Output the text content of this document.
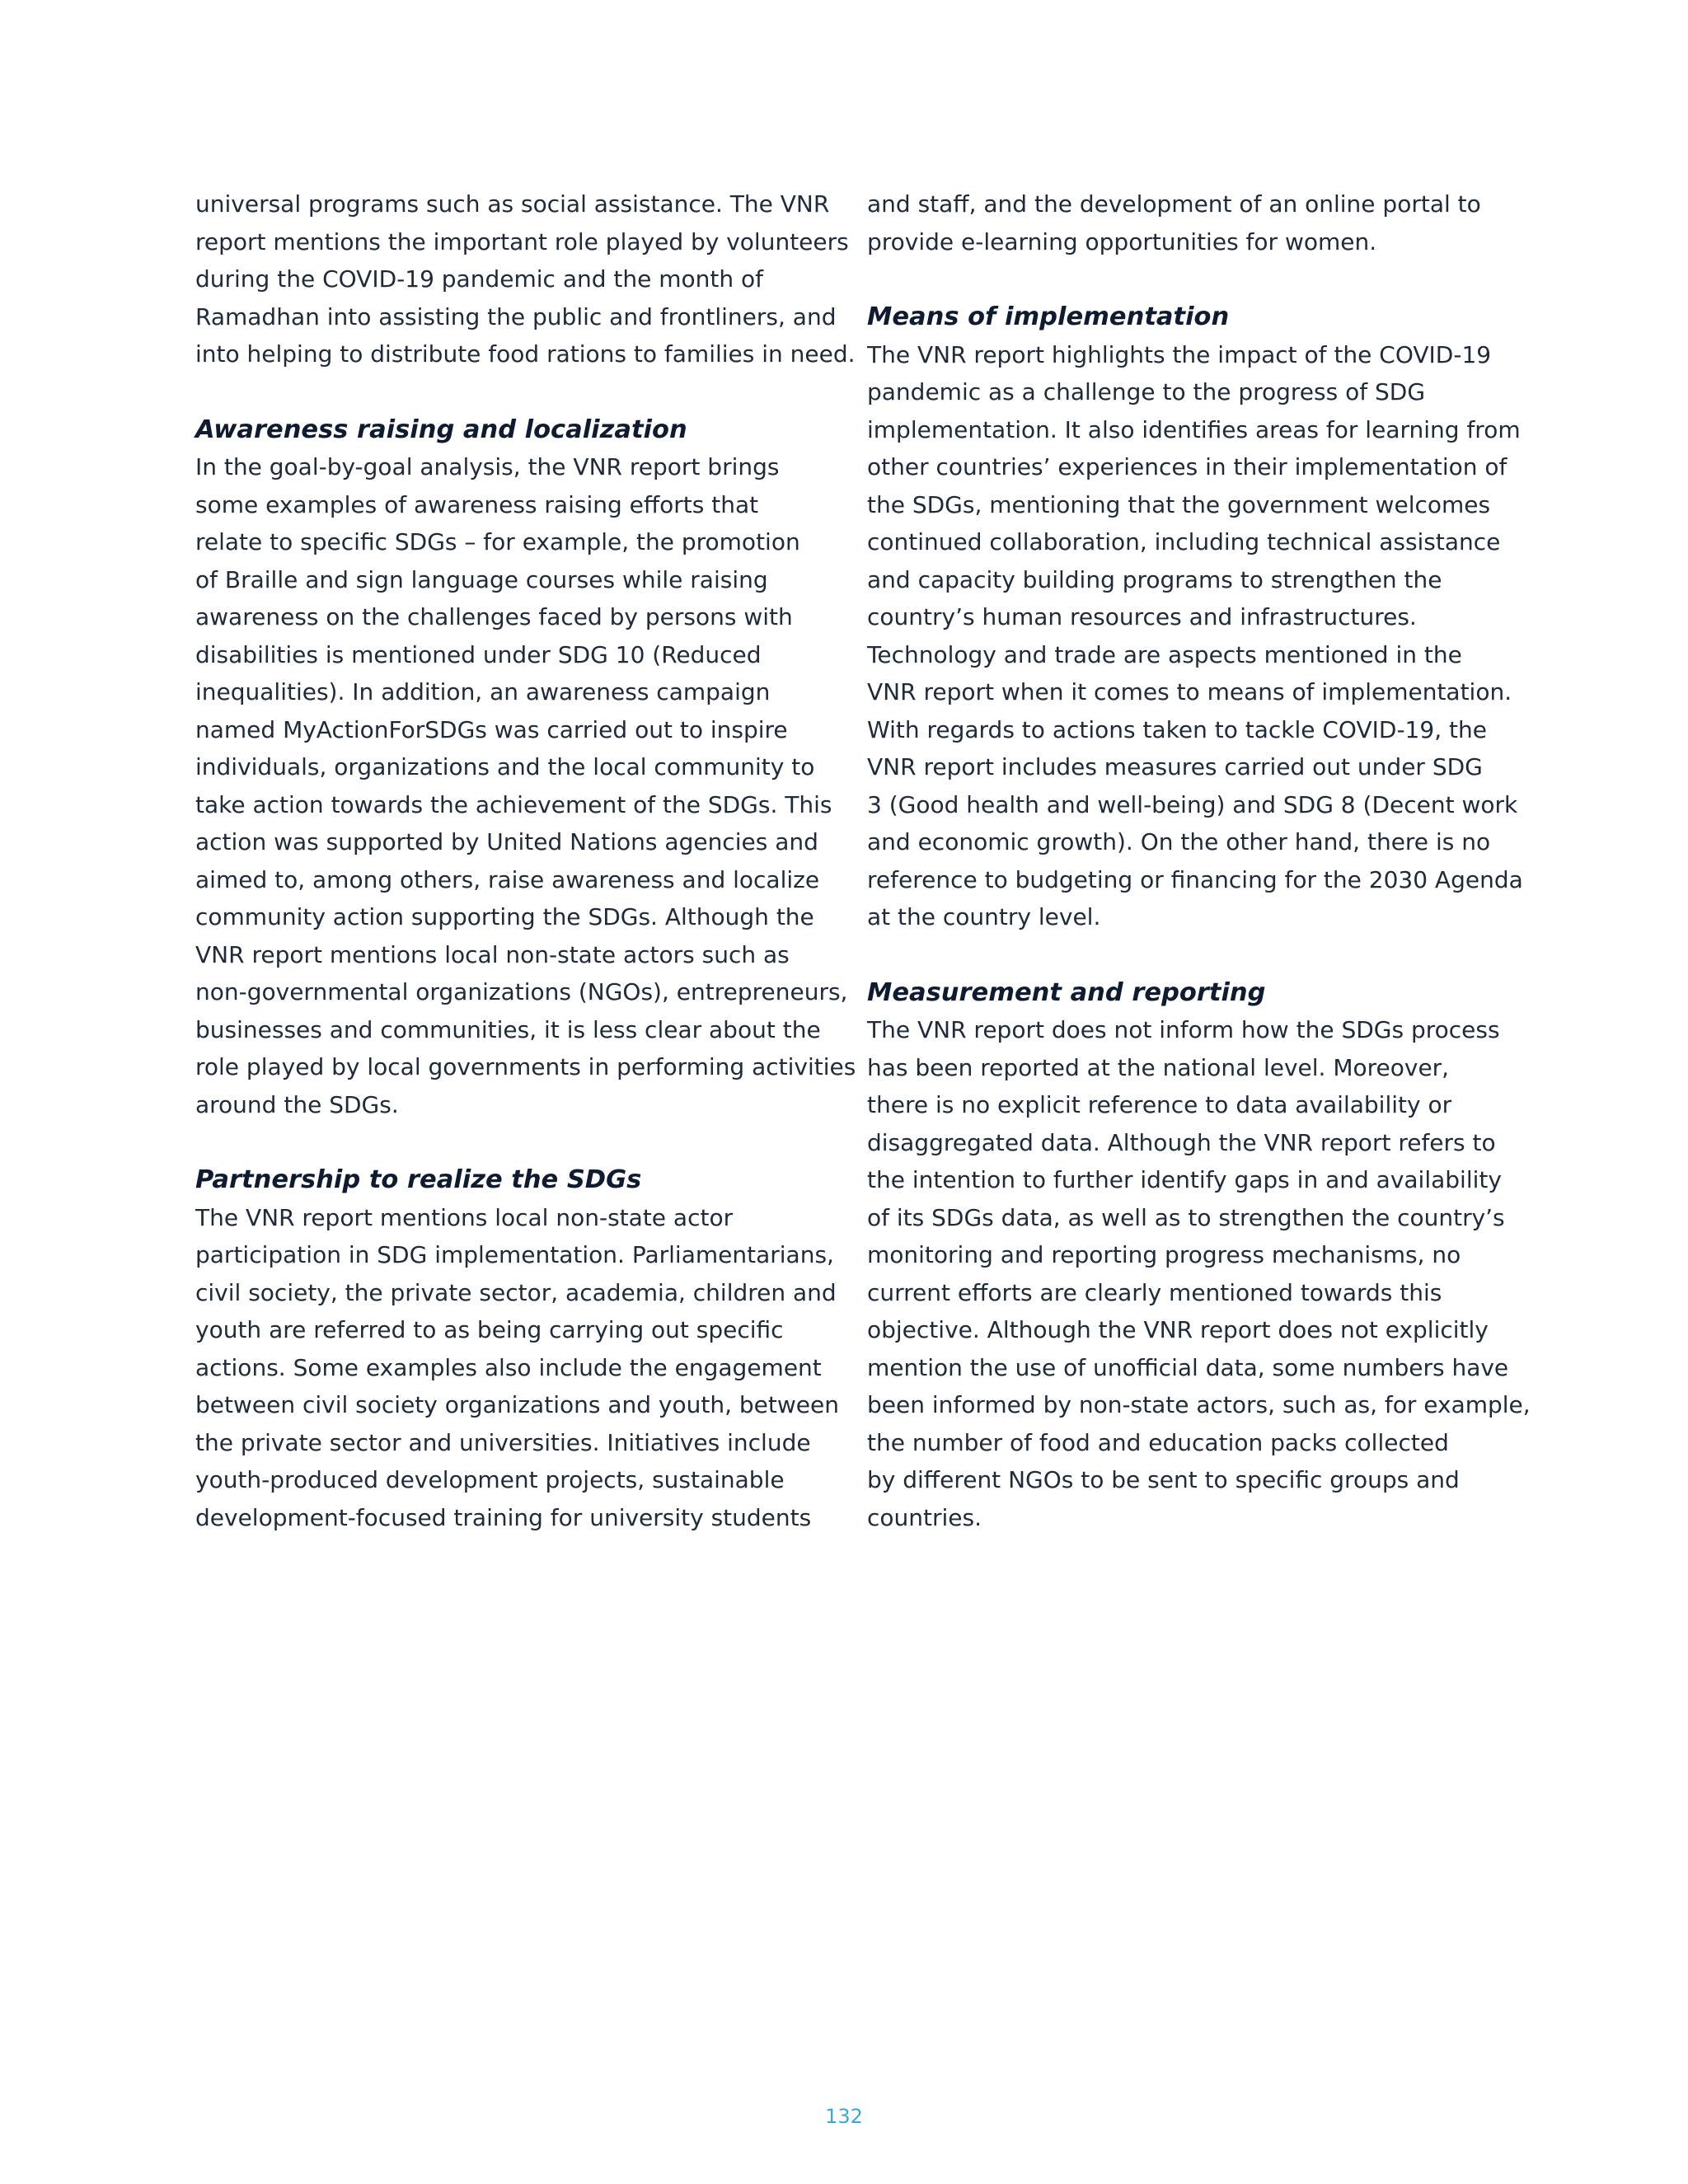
universal programs such as social assistance. The VNR
report mentions the important role played by volunteers
during the COVID-19 pandemic and the month of
Ramadhan into assisting the public and frontliners, and
into helping to distribute food rations to families in need.

Awareness raising and localization

In the goal-by-goal analysis, the VNR report brings
some examples of awareness raising efforts that
relate to specific SDGs – for example, the promotion
of Braille and sign language courses while raising
awareness on the challenges faced by persons with
disabilities is mentioned under SDG 10 (Reduced
inequalities). In addition, an awareness campaign
named MyActionForSDGs was carried out to inspire
individuals, organizations and the local community to
take action towards the achievement of the SDGs. This
action was supported by United Nations agencies and
aimed to, among others, raise awareness and localize
community action supporting the SDGs. Although the
VNR report mentions local non-state actors such as
non-governmental organizations (NGOs), entrepreneurs,
businesses and communities, it is less clear about the
role played by local governments in performing activities
around the SDGs.

Partnership to realize the SDGs

The VNR report mentions local non-state actor
participation in SDG implementation. Parliamentarians,
civil society, the private sector, academia, children and
youth are referred to as being carrying out specific
actions. Some examples also include the engagement
between civil society organizations and youth, between
the private sector and universities. Initiatives include
youth-produced development projects, sustainable
development-focused training for university students

and staff, and the development of an online portal to
provide e-learning opportunities for women.

Means of implementation

The VNR report highlights the impact of the COVID-19
pandemic as a challenge to the progress of SDG
implementation. It also identifies areas for learning from
other countries’ experiences in their implementation of
the SDGs, mentioning that the government welcomes
continued collaboration, including technical assistance
and capacity building programs to strengthen the
country’s human resources and infrastructures.
Technology and trade are aspects mentioned in the
VNR report when it comes to means of implementation.
With regards to actions taken to tackle COVID-19, the
VNR report includes measures carried out under SDG
3 (Good health and well-being) and SDG 8 (Decent work
and economic growth). On the other hand, there is no
reference to budgeting or financing for the 2030 Agenda
at the country level.

Measurement and reporting

The VNR report does not inform how the SDGs process
has been reported at the national level. Moreover,
there is no explicit reference to data availability or
disaggregated data. Although the VNR report refers to
the intention to further identify gaps in and availability
of its SDGs data, as well as to strengthen the country’s
monitoring and reporting progress mechanisms, no
current efforts are clearly mentioned towards this
objective. Although the VNR report does not explicitly
mention the use of unofficial data, some numbers have
been informed by non-state actors, such as, for example,
the number of food and education packs collected
by different NGOs to be sent to specific groups and
countries.

132
